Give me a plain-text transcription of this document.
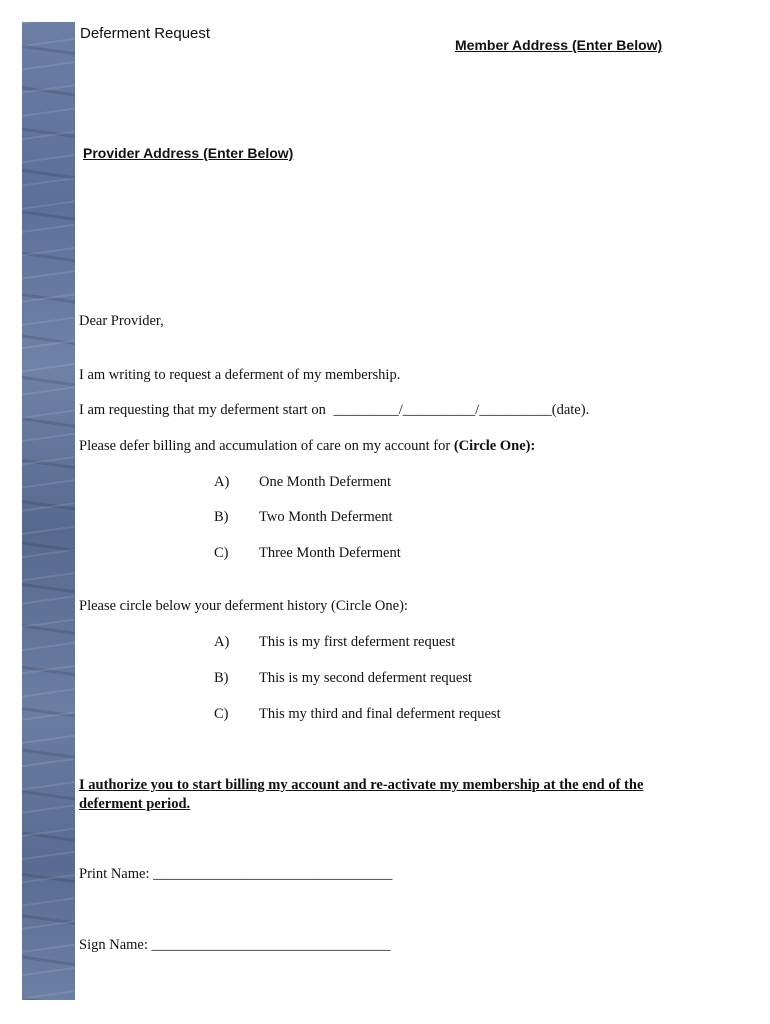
Deferment Request
Member Address (Enter Below)
Provider Address (Enter Below)
Dear Provider,
I am writing to request a deferment of my membership.
I am requesting that my deferment start on _________/__________/__________(date).
Please defer billing and accumulation of care on my account for (Circle One):
A) One Month Deferment
B) Two Month Deferment
C) Three Month Deferment
Please circle below your deferment history (Circle One):
A) This is my first deferment request
B) This is my second deferment request
C) This my third and final deferment request
I authorize you to start billing my account and re-activate my membership at the end of the deferment period.
Print Name: _________________________________
Sign Name: _________________________________
